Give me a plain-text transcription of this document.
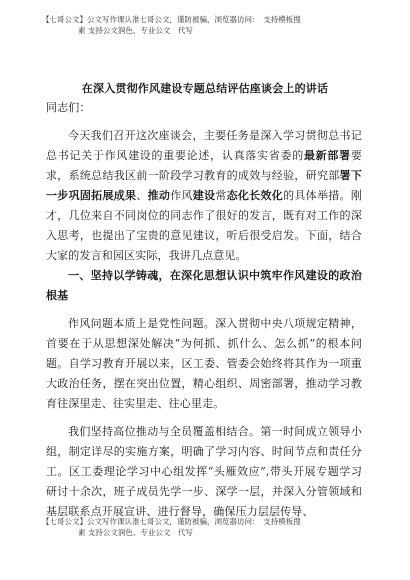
【七哥公文】公文写作课认准七哥公文，谨防被骗，浏览器访问：　支持模板搜
素 支持公文润色、专业公文　代写
在深入贯彻作风建设专题总结评估座谈会上的讲话

同志们：

今天我们召开这次座谈会，主要任务是深入学习贯彻总书记总书记关于作风建设的重要论述，认真落实省委的最新部署要求，系统总结我区前一阶段学习教育的成效与经验，研究部署下一步巩固拓展成果、推动作风建设常态化长效化的具体举措。刚才，几位来自不同岗位的同志作了很好的发言，既有对工作的深入思考，也提出了宝贵的意见建议，听后很受启发。下面，结合大家的发言和园区实际，我讲几点意见。

一、坚持以学铸魂，在深化思想认识中筑牢作风建设的政治根基

作风问题本质上是党性问题。深入贯彻中央八项规定精神，首要在于从思想深处解决“为何抓、抓什么、怎么抓”的根本问题。自学习教育开展以来，区工委、管委会始终将其作为一项重大政治任务，摆在突出位置，精心组织、周密部署，推动学习教育往深里走、往实里走、往心里走。

我们坚持高位推动与全员覆盖相结合。第一时间成立领导小组，制定详尽的实施方案，明确了学习内容、时间节点和责任分工。区工委理论学习中心组发挥“头雁效应”,带头开展专题学习研讨十余次，班子成员先学一步、深学一层，并深入分管领域和基层联系点开展宣讲、进行督导，确保压力层层传导、

【七哥公文】公文写作课认准七哥公文，谨防被骗，浏览器访问：　支持模板搜
素 支持公文润色、专业公文　代写
